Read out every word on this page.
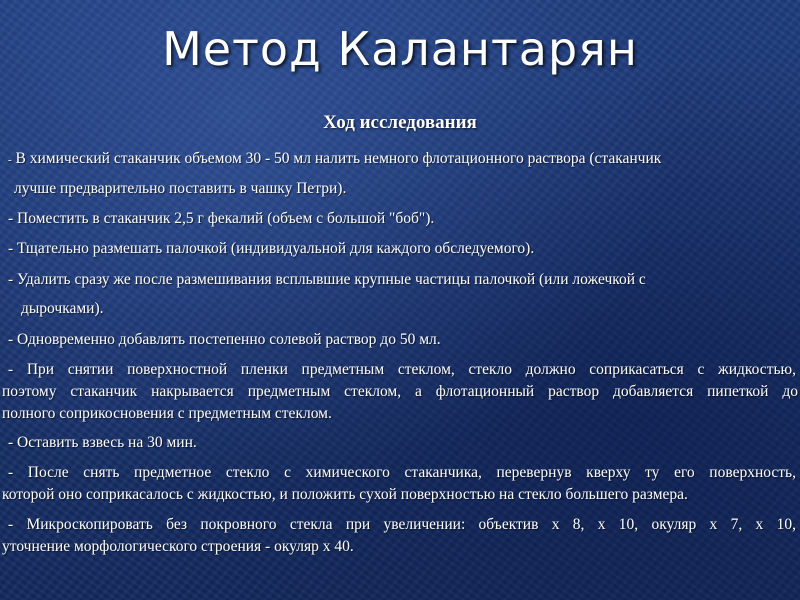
Метод Калантарян
Ход исследования
- В химический стаканчик объемом 30 - 50 мл налить немного флотационного раствора (стаканчик
лучше предварительно поставить в чашку Петри).
- Поместить в стаканчик 2,5 г фекалий (объем с большой "боб").
- Тщательно размешать палочкой (индивидуальной для каждого обследуемого).
- Удалить сразу же после размешивания всплывшие крупные частицы палочкой (или ложечкой с
дырочками).
- Одновременно добавлять постепенно солевой раствор до 50 мл.
- При снятии поверхностной пленки предметным стеклом, стекло должно соприкасаться с жидкостью,
поэтому стаканчик накрывается предметным стеклом, а флотационный раствор добавляется пипеткой до
полного соприкосновения с предметным стеклом.
- Оставить взвесь на 30 мин.
- После снять предметное стекло с химического стаканчика, перевернув кверху ту его поверхность,
которой оно соприкасалось с жидкостью, и положить сухой поверхностью на стекло большего размера.
- Микроскопировать без покровного стекла при увеличении: объектив х 8, х 10, окуляр х 7, х 10,
уточнение морфологического строения - окуляр х 40.
